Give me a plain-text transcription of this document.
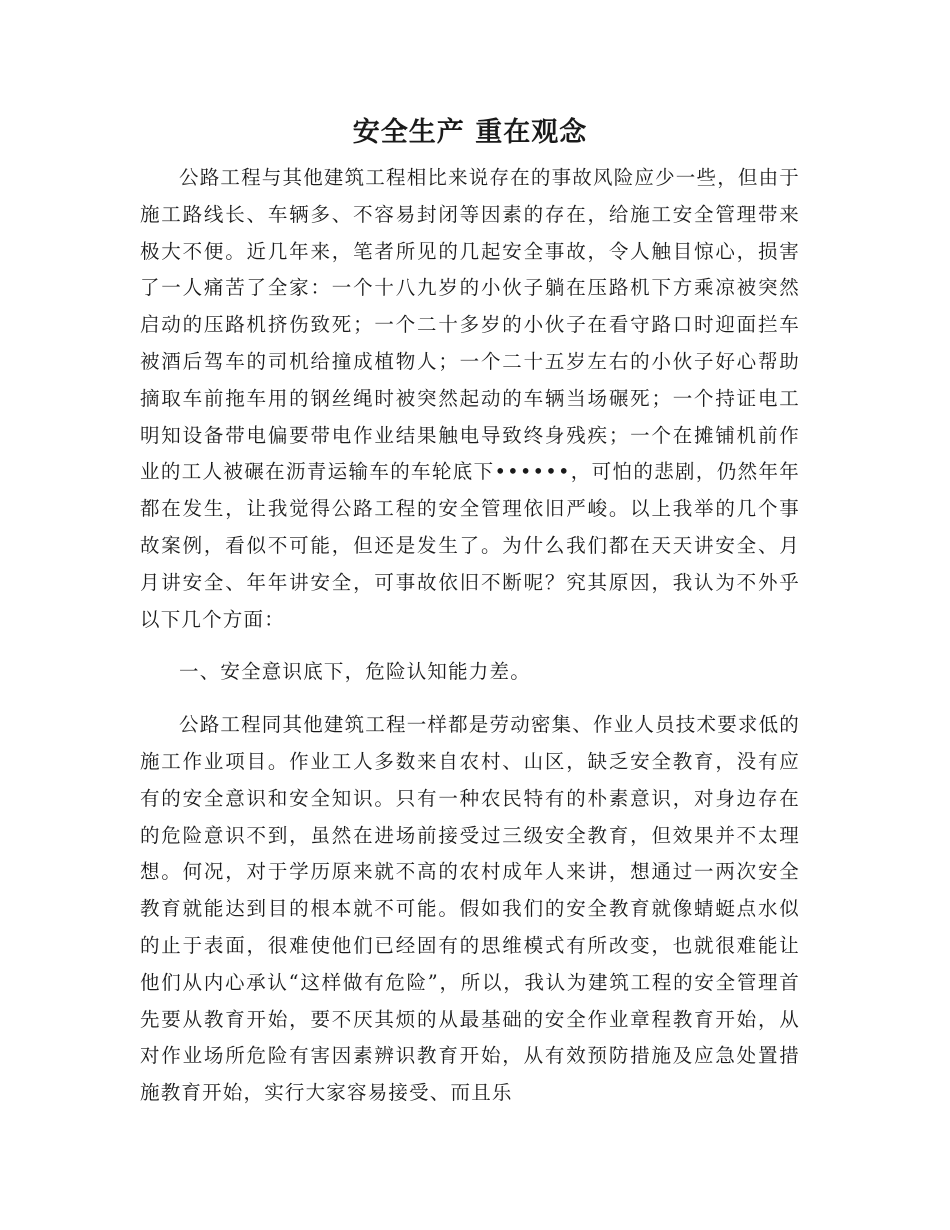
安全生产 重在观念

公路工程与其他建筑工程相比来说存在的事故风险应少一些，但由于施工路线长、车辆多、不容易封闭等因素的存在，给施工安全管理带来极大不便。近几年来，笔者所见的几起安全事故，令人触目惊心，损害了一人痛苦了全家：一个十八九岁的小伙子躺在压路机下方乘凉被突然启动的压路机挤伤致死；一个二十多岁的小伙子在看守路口时迎面拦车被酒后驾车的司机给撞成植物人；一个二十五岁左右的小伙子好心帮助摘取车前拖车用的钢丝绳时被突然起动的车辆当场碾死；一个持证电工明知设备带电偏要带电作业结果触电导致终身残疾；一个在摊铺机前作业的工人被碾在沥青运输车的车轮底下••••••，可怕的悲剧，仍然年年都在发生，让我觉得公路工程的安全管理依旧严峻。以上我举的几个事故案例，看似不可能，但还是发生了。为什么我们都在天天讲安全、月月讲安全、年年讲安全，可事故依旧不断呢？究其原因，我认为不外乎以下几个方面：

一、安全意识底下，危险认知能力差。

公路工程同其他建筑工程一样都是劳动密集、作业人员技术要求低的施工作业项目。作业工人多数来自农村、山区，缺乏安全教育，没有应有的安全意识和安全知识。只有一种农民特有的朴素意识，对身边存在的危险意识不到，虽然在进场前接受过三级安全教育，但效果并不太理想。何况，对于学历原来就不高的农村成年人来讲，想通过一两次安全教育就能达到目的根本就不可能。假如我们的安全教育就像蜻蜓点水似的止于表面，很难使他们已经固有的思维模式有所改变，也就很难能让他们从内心承认“这样做有危险”，所以，我认为建筑工程的安全管理首先要从教育开始，要不厌其烦的从最基础的安全作业章程教育开始，从对作业场所危险有害因素辨识教育开始，从有效预防措施及应急处置措施教育开始，实行大家容易接受、而且乐
